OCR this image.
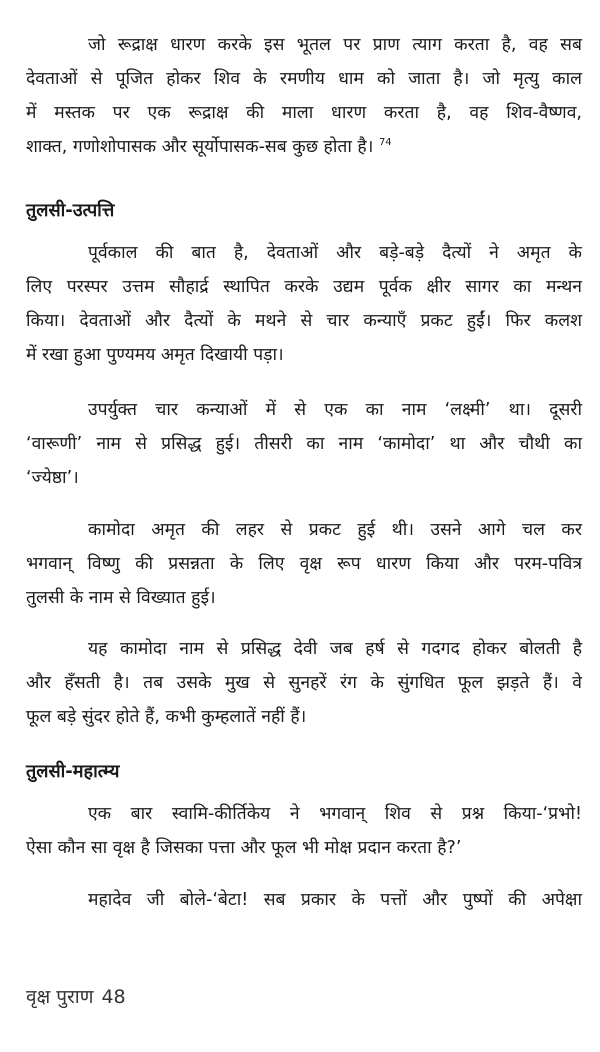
जो रूद्राक्ष धारण करके इस भूतल पर प्राण त्याग करता है, वह सब
देवताओं से पूजित होकर शिव के रमणीय धाम को जाता है। जो मृत्यु काल
में मस्तक पर एक रूद्राक्ष की माला धारण करता है, वह शिव-वैष्णव,
शाक्त, गणोशोपासक और सूर्योपासक-सब कुछ होता है। $^{74}$
तुलसी-उत्पत्ति
पूर्वकाल की बात है, देवताओं और बड़े-बड़े दैत्यों ने अमृत के
लिए परस्पर उत्तम सौहार्द्र स्थापित करके उद्यम पूर्वक क्षीर सागर का मन्थन
किया। देवताओं और दैत्यों के मथने से चार कन्याएँ प्रकट हुईं। फिर कलश
में रखा हुआ पुण्यमय अमृत दिखायी पड़ा।
उपर्युक्त चार कन्याओं में से एक का नाम ‘लक्ष्मी’ था। दूसरी
‘वारूणी’ नाम से प्रसिद्ध हुई। तीसरी का नाम ‘कामोदा’ था और चौथी का
‘ज्येष्ठा’।
कामोदा अमृत की लहर से प्रकट हुई थी। उसने आगे चल कर
भगवान् विष्णु की प्रसन्नता के लिए वृक्ष रूप धारण किया और परम-पवित्र
तुलसी के नाम से विख्यात हुई।
यह कामोदा नाम से प्रसिद्ध देवी जब हर्ष से गदगद होकर बोलती है
और हँसती है। तब उसके मुख से सुनहरें रंग के सुंगधित फूल झड़ते हैं। वे
फूल बड़े सुंदर होते हैं, कभी कुम्हलातें नहीं हैं।
तुलसी-महात्म्य
एक बार स्वामि-कीर्तिकेय ने भगवान् शिव से प्रश्न किया-‘प्रभो!
ऐसा कौन सा वृक्ष है जिसका पत्ता और फूल भी मोक्ष प्रदान करता है?’
महादेव जी बोले-‘बेटा! सब प्रकार के पत्तों और पुष्पों की अपेक्षा
वृक्ष पुराण 48
